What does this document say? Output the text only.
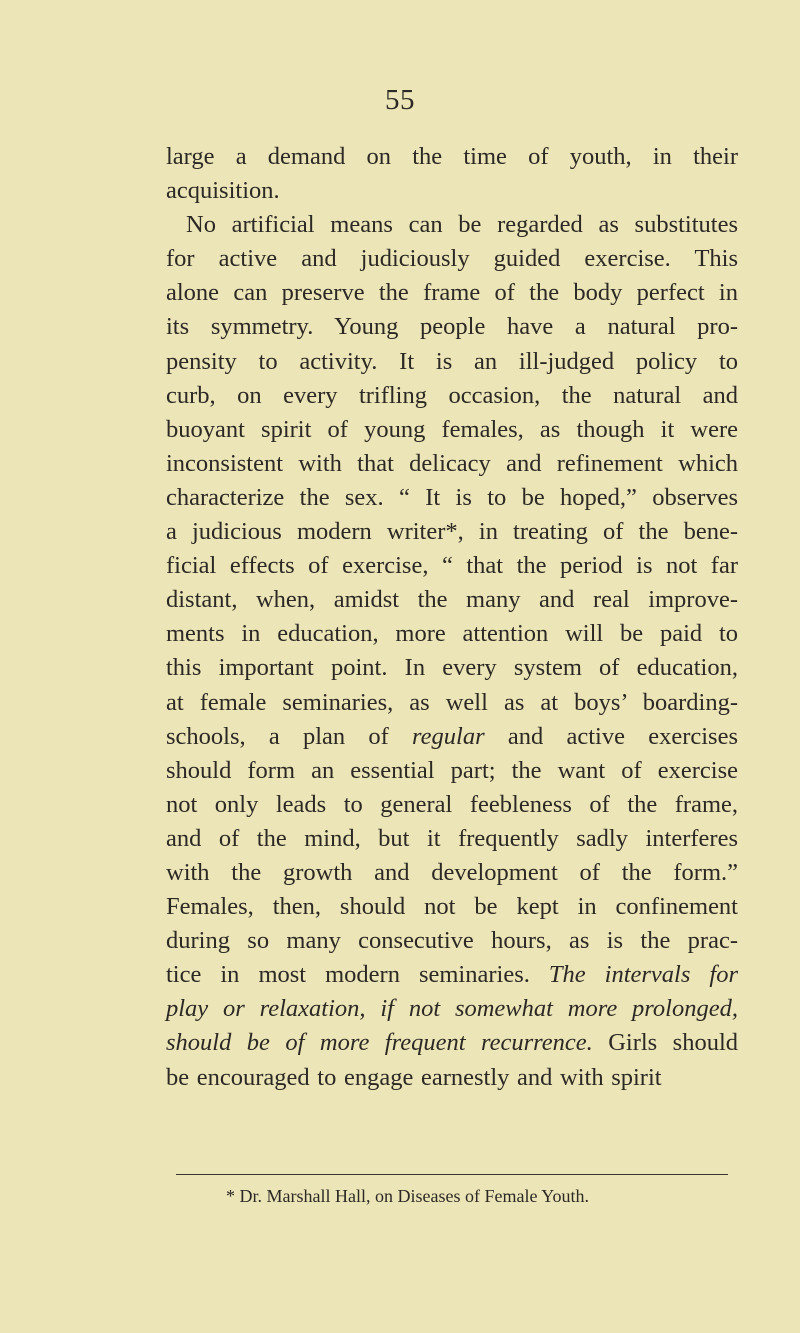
55
large a demand on the time of youth, in their
acquisition.
No artificial means can be regarded as substitutes
for active and judiciously guided exercise. This
alone can preserve the frame of the body perfect in
its symmetry. Young people have a natural pro-
pensity to activity. It is an ill-judged policy to
curb, on every trifling occasion, the natural and
buoyant spirit of young females, as though it were
inconsistent with that delicacy and refinement which
characterize the sex. “ It is to be hoped,” observes
a judicious modern writer*, in treating of the bene-
ficial effects of exercise, “ that the period is not far
distant, when, amidst the many and real improve-
ments in education, more attention will be paid to
this important point. In every system of education,
at female seminaries, as well as at boys’ boarding-
schools, a plan of regular and active exercises
should form an essential part; the want of exercise
not only leads to general feebleness of the frame,
and of the mind, but it frequently sadly interferes
with the growth and development of the form.”
Females, then, should not be kept in confinement
during so many consecutive hours, as is the prac-
tice in most modern seminaries. The intervals for
play or relaxation, if not somewhat more prolonged,
should be of more frequent recurrence. Girls should
be encouraged to engage earnestly and with spirit
* Dr. Marshall Hall, on Diseases of Female Youth.
